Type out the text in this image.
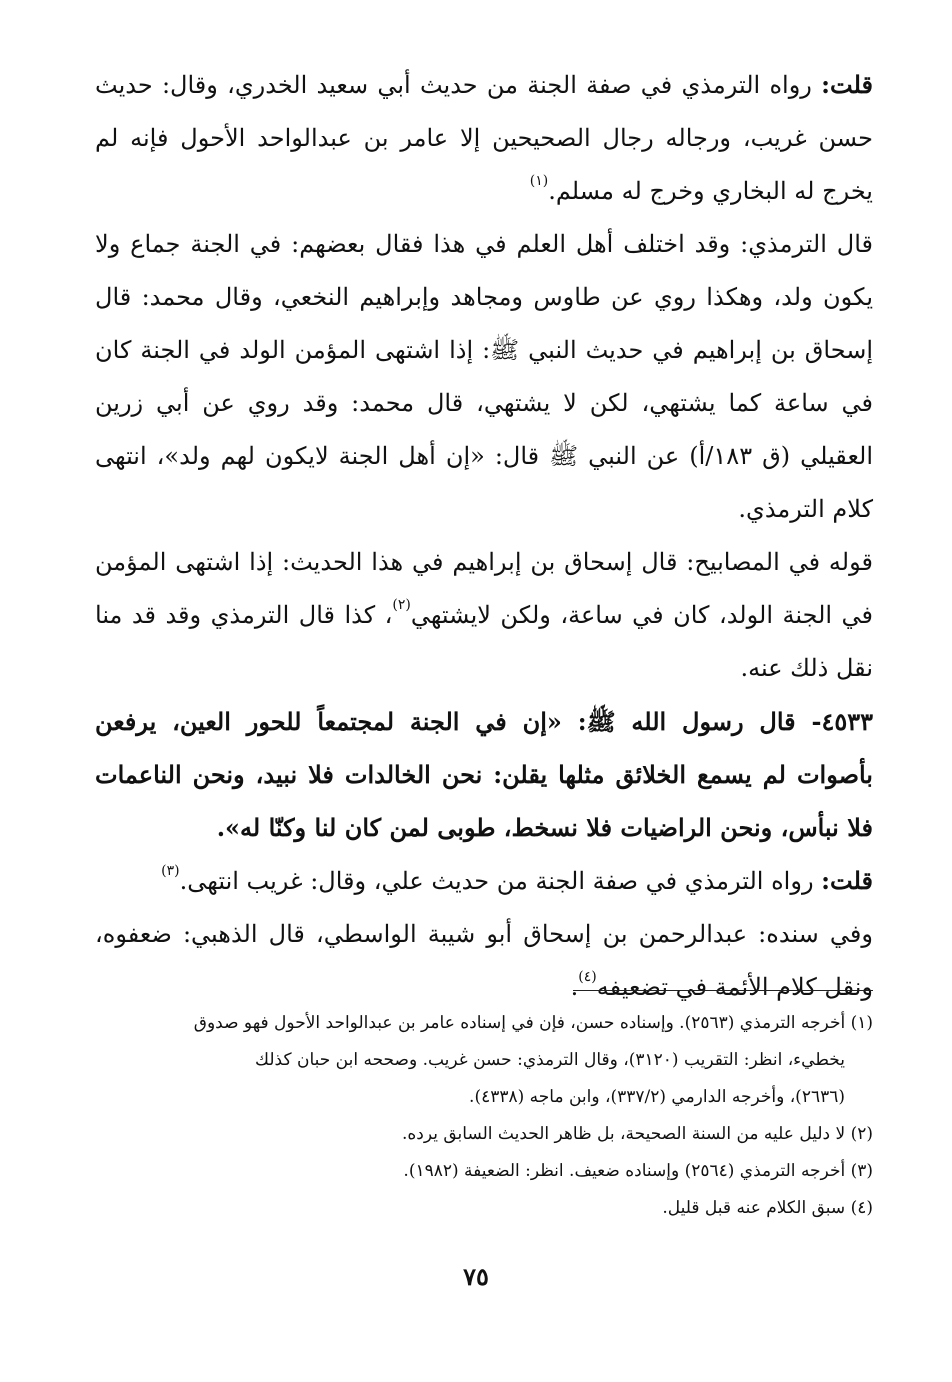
قلت: رواه الترمذي في صفة الجنة من حديث أبي سعيد الخدري، وقال: حديث حسن غريب، ورجاله رجال الصحيحين إلا عامر بن عبدالواحد الأحول فإنه لم يخرج له البخاري وخرج له مسلم.$^{(١)}$

قال الترمذي: وقد اختلف أهل العلم في هذا فقال بعضهم: في الجنة جماع ولا يكون ولد، وهكذا روي عن طاوس ومجاهد وإبراهيم النخعي، وقال محمد: قال إسحاق بن إبراهيم في حديث النبي ﷺ: إذا اشتهى المؤمن الولد في الجنة كان في ساعة كما يشتهي، لكن لا يشتهي، قال محمد: وقد روي عن أبي زرين العقيلي (ق ١٨٣/أ) عن النبي ﷺ قال: «إن أهل الجنة لايكون لهم ولد»، انتهى كلام الترمذي.

قوله في المصابيح: قال إسحاق بن إبراهيم في هذا الحديث: إذا اشتهى المؤمن في الجنة الولد، كان في ساعة، ولكن لايشتهي$^{(٢)}$، كذا قال الترمذي وقد قد منا نقل ذلك عنه.

٤٥٣٣- قال رسول الله ﷺ: «إن في الجنة لمجتمعاً للحور العين، يرفعن بأصوات لم يسمع الخلائق مثلها يقلن: نحن الخالدات فلا نبيد، ونحن الناعمات فلا نبأس، ونحن الراضيات فلا نسخط، طوبى لمن كان لنا وكنّا له».

قلت: رواه الترمذي في صفة الجنة من حديث علي، وقال: غريب انتهى.$^{(٣)}$

وفي سنده: عبدالرحمن بن إسحاق أبو شيبة الواسطي، قال الذهبي: ضعفوه، ونقل كلام الأئمة في تضعيفه$^{(٤)}$.

(١) أخرجه الترمذي (٢٥٦٣). وإسناده حسن، فإن في إسناده عامر بن عبدالواحد الأحول فهو صدوق
يخطيء، انظر: التقريب (٣١٢٠)، وقال الترمذي: حسن غريب. وصححه ابن حبان كذلك
(٢٦٣٦)، وأخرجه الدارمي (٣٣٧/٢)، وابن ماجه (٤٣٣٨).

(٢) لا دليل عليه من السنة الصحيحة، بل ظاهر الحديث السابق يرده.

(٣) أخرجه الترمذي (٢٥٦٤) وإسناده ضعيف. انظر: الضعيفة (١٩٨٢).

(٤) سبق الكلام عنه قبل قليل.

٧٥
